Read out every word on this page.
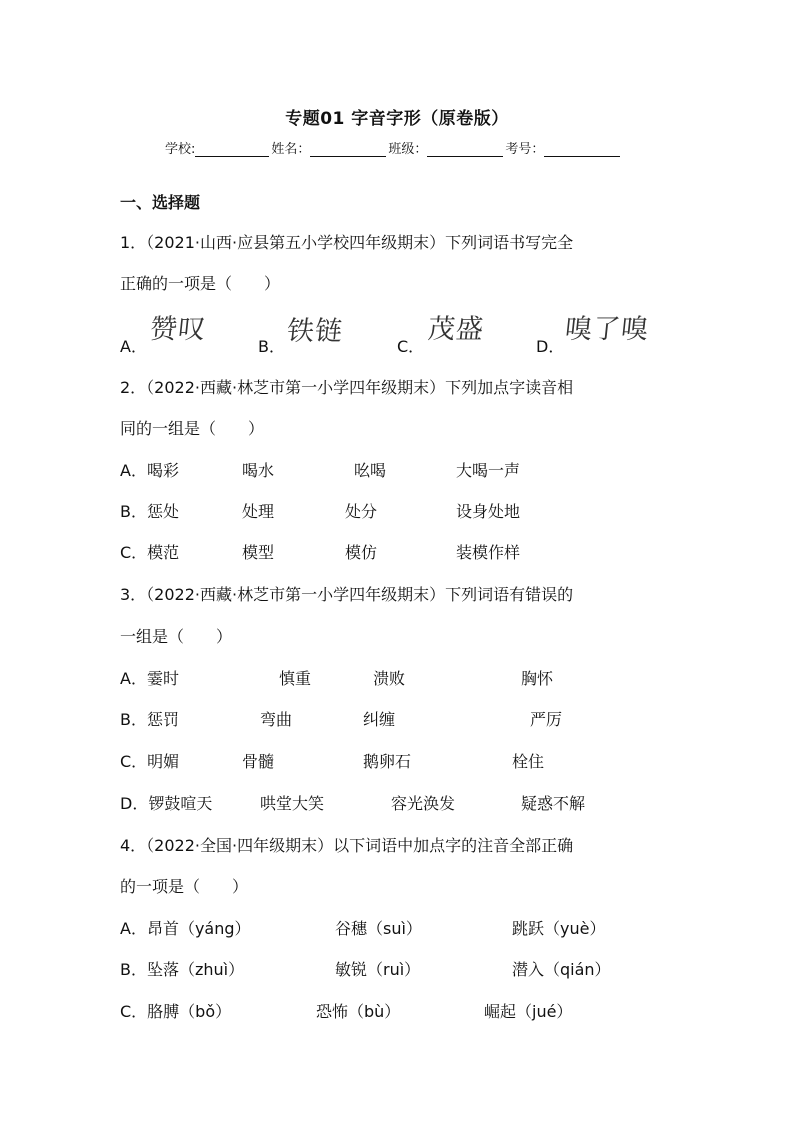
专题01 字音字形（原卷版）
学校:	姓名：	班级：	考号：
一、选择题
1．（2021·山西·应县第五小学校四年级期末）下列词语书写完全
正确的一项是（　　）
A．
赞叹
B． 铁链	C．
茂盛
D．
嗅了嗅
2．（2022·西藏·林芝市第一小学四年级期末）下列加点字读音相
同的一组是（　　）
A．喝彩	喝水	吆喝	大喝一声
B．惩处	处理	处分	设身处地
C．模范	模型	模仿	装模作样
3．（2022·西藏·林芝市第一小学四年级期末）下列词语有错误的
一组是（　　）
A．霎时	慎重	溃败	胸怀
B．惩罚	弯曲	纠缠	严厉
C．明媚	骨髓	鹅卵石	栓住
D．锣鼓喧天	哄堂大笑	容光涣发	疑惑不解
4．（2022·全国·四年级期末）以下词语中加点字的注音全部正确
的一项是（　　）
A．昂首（yáng）	谷穗（suì）	跳跃（yuè）
B．坠落（zhuì）	敏锐（ruì）	潜入（qián）
C．胳膊（bǒ）	恐怖（bù）	崛起（jué）
